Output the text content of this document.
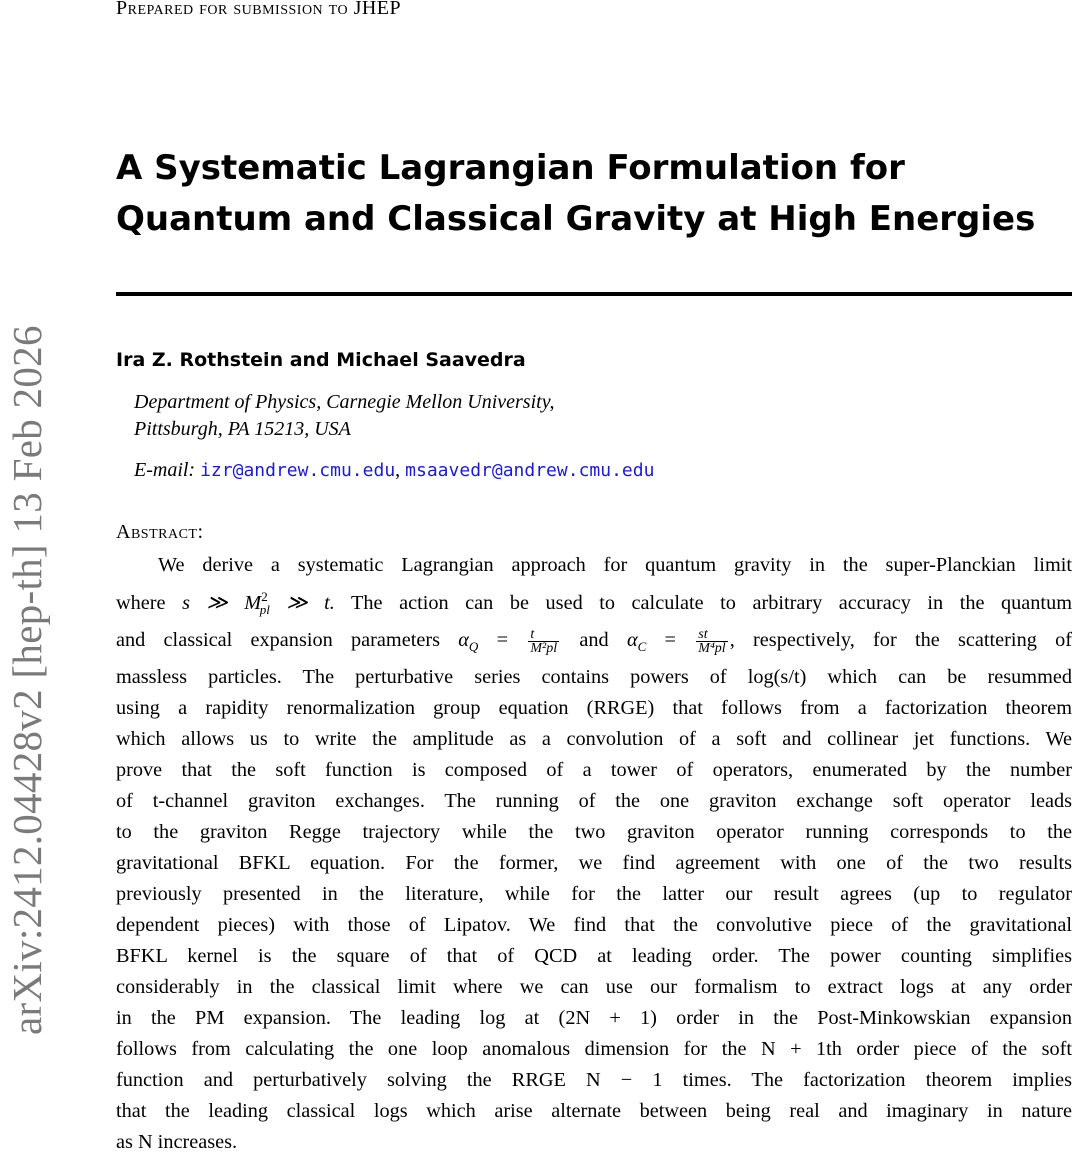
Prepared for submission to JHEP
arXiv:2412.04428v2 [hep-th] 13 Feb 2026
A Systematic Lagrangian Formulation for Quantum and Classical Gravity at High Energies
Ira Z. Rothstein and Michael Saavedra
Department of Physics, Carnegie Mellon University,
Pittsburgh, PA 15213, USA
E-mail: izr@andrew.cmu.edu, msaavedr@andrew.cmu.edu
Abstract:
We derive a systematic Lagrangian approach for quantum gravity in the super-Planckian limit
where s ≫ $M^2_{pl}$ ≫ t. The action can be used to calculate to arbitrary accuracy in the quantum
and classical expansion parameters $\alpha_Q = \frac{t}{\text{M²pl}}$ and $\alpha_C = \frac{st}{\text{M⁴pl}}$ , respectively, for the scattering of
massless particles. The perturbative series contains powers of log(s/t) which can be resummed
using a rapidity renormalization group equation (RRGE) that follows from a factorization theorem
which allows us to write the amplitude as a convolution of a soft and collinear jet functions. We
prove that the soft function is composed of a tower of operators, enumerated by the number
of t-channel graviton exchanges. The running of the one graviton exchange soft operator leads
to the graviton Regge trajectory while the two graviton operator running corresponds to the
gravitational BFKL equation. For the former, we find agreement with one of the two results
previously presented in the literature, while for the latter our result agrees (up to regulator
dependent pieces) with those of Lipatov. We find that the convolutive piece of the gravitational
BFKL kernel is the square of that of QCD at leading order. The power counting simplifies
considerably in the classical limit where we can use our formalism to extract logs at any order
in the PM expansion. The leading log at (2N + 1) order in the Post-Minkowskian expansion
follows from calculating the one loop anomalous dimension for the N + 1th order piece of the soft
function and perturbatively solving the RRGE N − 1 times. The factorization theorem implies
that the leading classical logs which arise alternate between being real and imaginary in nature
as N increases.
